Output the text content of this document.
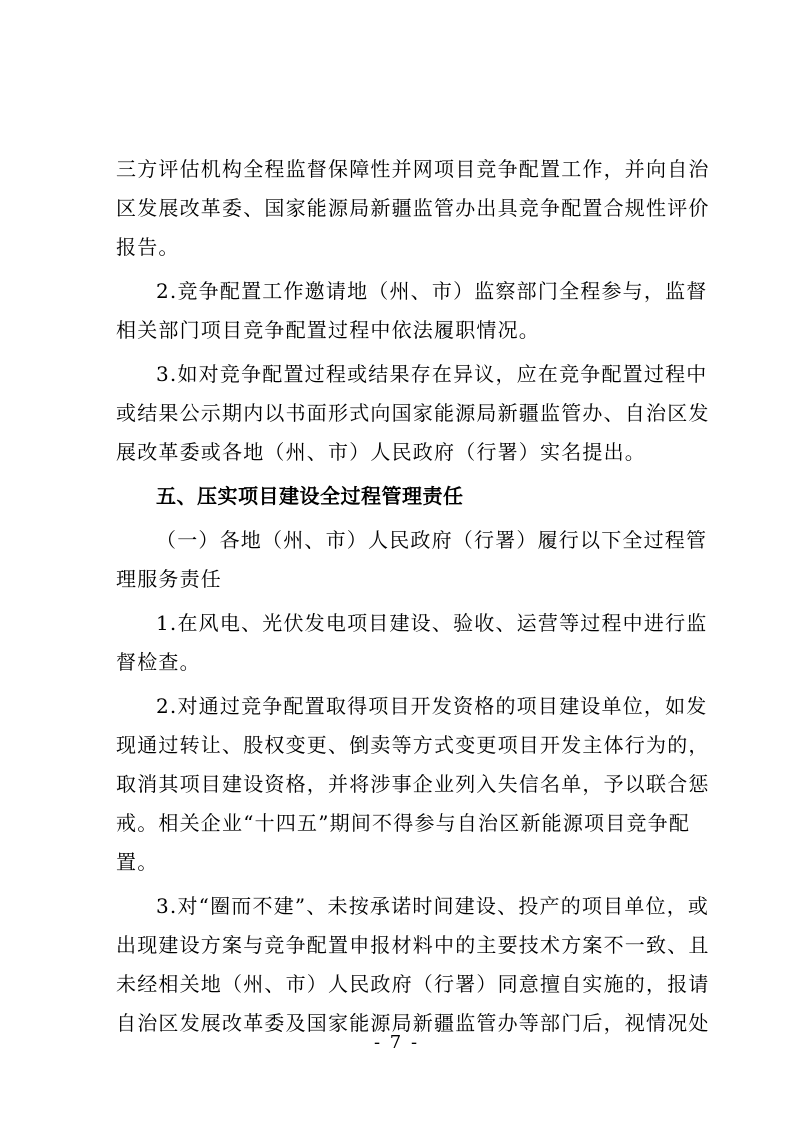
三方评估机构全程监督保障性并网项目竞争配置工作，并向自治
区发展改革委、国家能源局新疆监管办出具竞争配置合规性评价
报告。
2.竞争配置工作邀请地（州、市）监察部门全程参与，监督
相关部门项目竞争配置过程中依法履职情况。
3.如对竞争配置过程或结果存在异议，应在竞争配置过程中
或结果公示期内以书面形式向国家能源局新疆监管办、自治区发
展改革委或各地（州、市）人民政府（行署）实名提出。
五、压实项目建设全过程管理责任
（一）各地（州、市）人民政府（行署）履行以下全过程管
理服务责任
1.在风电、光伏发电项目建设、验收、运营等过程中进行监
督检查。
2.对通过竞争配置取得项目开发资格的项目建设单位，如发
现通过转让、股权变更、倒卖等方式变更项目开发主体行为的，
取消其项目建设资格，并将涉事企业列入失信名单，予以联合惩
戒。相关企业“十四五”期间不得参与自治区新能源项目竞争配
置。
3.对“圈而不建”、未按承诺时间建设、投产的项目单位，或
出现建设方案与竞争配置申报材料中的主要技术方案不一致、且
未经相关地（州、市）人民政府（行署）同意擅自实施的，报请
自治区发展改革委及国家能源局新疆监管办等部门后，视情况处
- 7 -
